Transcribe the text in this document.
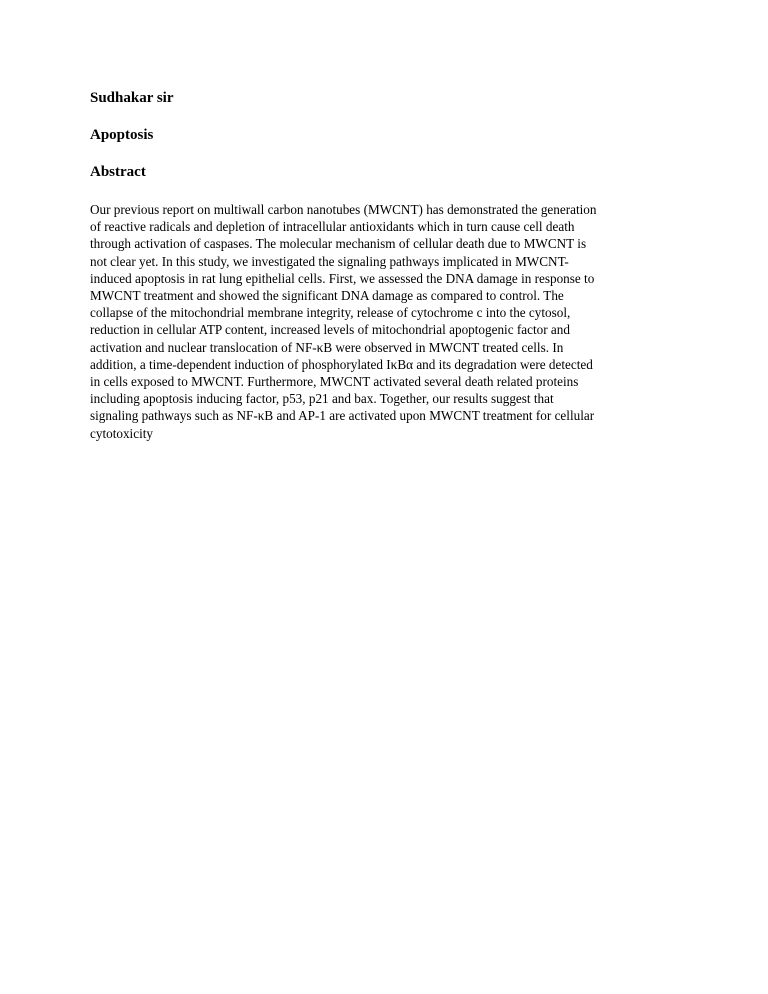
Sudhakar sir

Apoptosis

Abstract

Our previous report on multiwall carbon nanotubes (MWCNT) has demonstrated the generation
of reactive radicals and depletion of intracellular antioxidants which in turn cause cell death
through activation of caspases. The molecular mechanism of cellular death due to MWCNT is
not clear yet. In this study, we investigated the signaling pathways implicated in MWCNT-
induced apoptosis in rat lung epithelial cells. First, we assessed the DNA damage in response to
MWCNT treatment and showed the significant DNA damage as compared to control. The
collapse of the mitochondrial membrane integrity, release of cytochrome c into the cytosol,
reduction in cellular ATP content, increased levels of mitochondrial apoptogenic factor and
activation and nuclear translocation of NF-κB were observed in MWCNT treated cells. In
addition, a time-dependent induction of phosphorylated IκBα and its degradation were detected
in cells exposed to MWCNT. Furthermore, MWCNT activated several death related proteins
including apoptosis inducing factor, p53, p21 and bax. Together, our results suggest that
signaling pathways such as NF-κB and AP-1 are activated upon MWCNT treatment for cellular
cytotoxicity
